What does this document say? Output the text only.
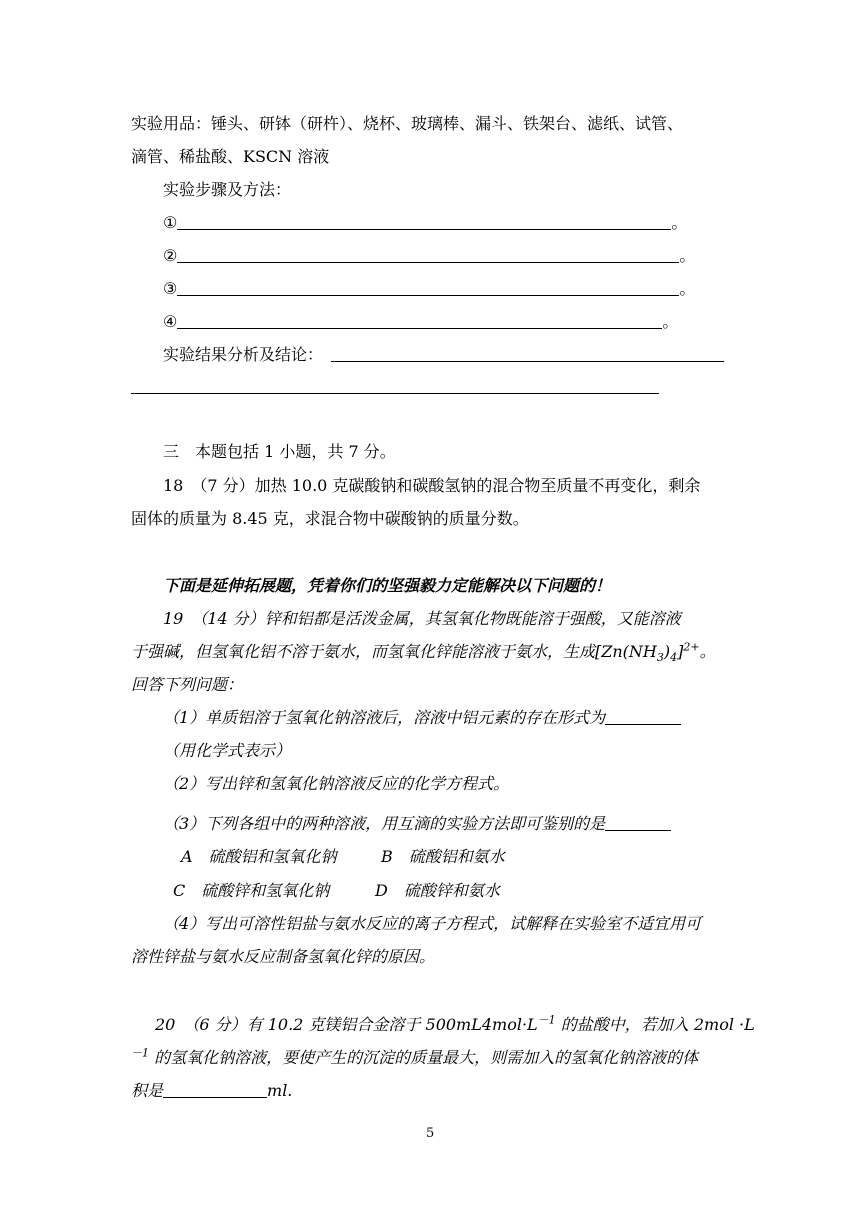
实验用品：锤头、研钵（研杵）、烧杯、玻璃棒、漏斗、铁架台、滤纸、试管、
滴管、稀盐酸、KSCN 溶液
实验步骤及方法：
①	。
②	。
③	。
④	。
实验结果分析及结论：
三　本题包括 1 小题，共 7 分。
18　（7 分）加热 10.0 克碳酸钠和碳酸氢钠的混合物至质量不再变化，剩余
固体的质量为 8.45 克，求混合物中碳酸钠的质量分数。
下面是延伸拓展题，凭着你们的坚强毅力定能解决以下问题的！
19　（14 分）锌和铝都是活泼金属，其氢氧化物既能溶于强酸，又能溶液
于强碱，但氢氧化铝不溶于氨水，而氢氧化锌能溶液于氨水，生成$[Zn(NH_3)_4]^{2+}$。
回答下列问题：
（1）单质铝溶于氢氧化钠溶液后，溶液中铝元素的存在形式为
（用化学式表示）
（2）写出锌和氢氧化钠溶液反应的化学方程式。
（3）下列各组中的两种溶液，用互滴的实验方法即可鉴别的是
A　硫酸铝和氢氧化钠	B　硫酸铝和氨水
C　硫酸锌和氢氧化钠	D　硫酸锌和氨水
（4）写出可溶性铝盐与氨水反应的离子方程式，试解释在实验室不适宜用可
溶性锌盐与氨水反应制备氢氧化锌的原因。
20　（6 分）有 10.2 克镁铝合金溶于 $500mL4mol\cdot L^{-1}$ 的盐酸中，若加入 2mol ·L
$^{-1}$ 的氢氧化钠溶液，要使产生的沉淀的质量最大，则需加入的氢氧化钠溶液的体
积是	ml.
5
